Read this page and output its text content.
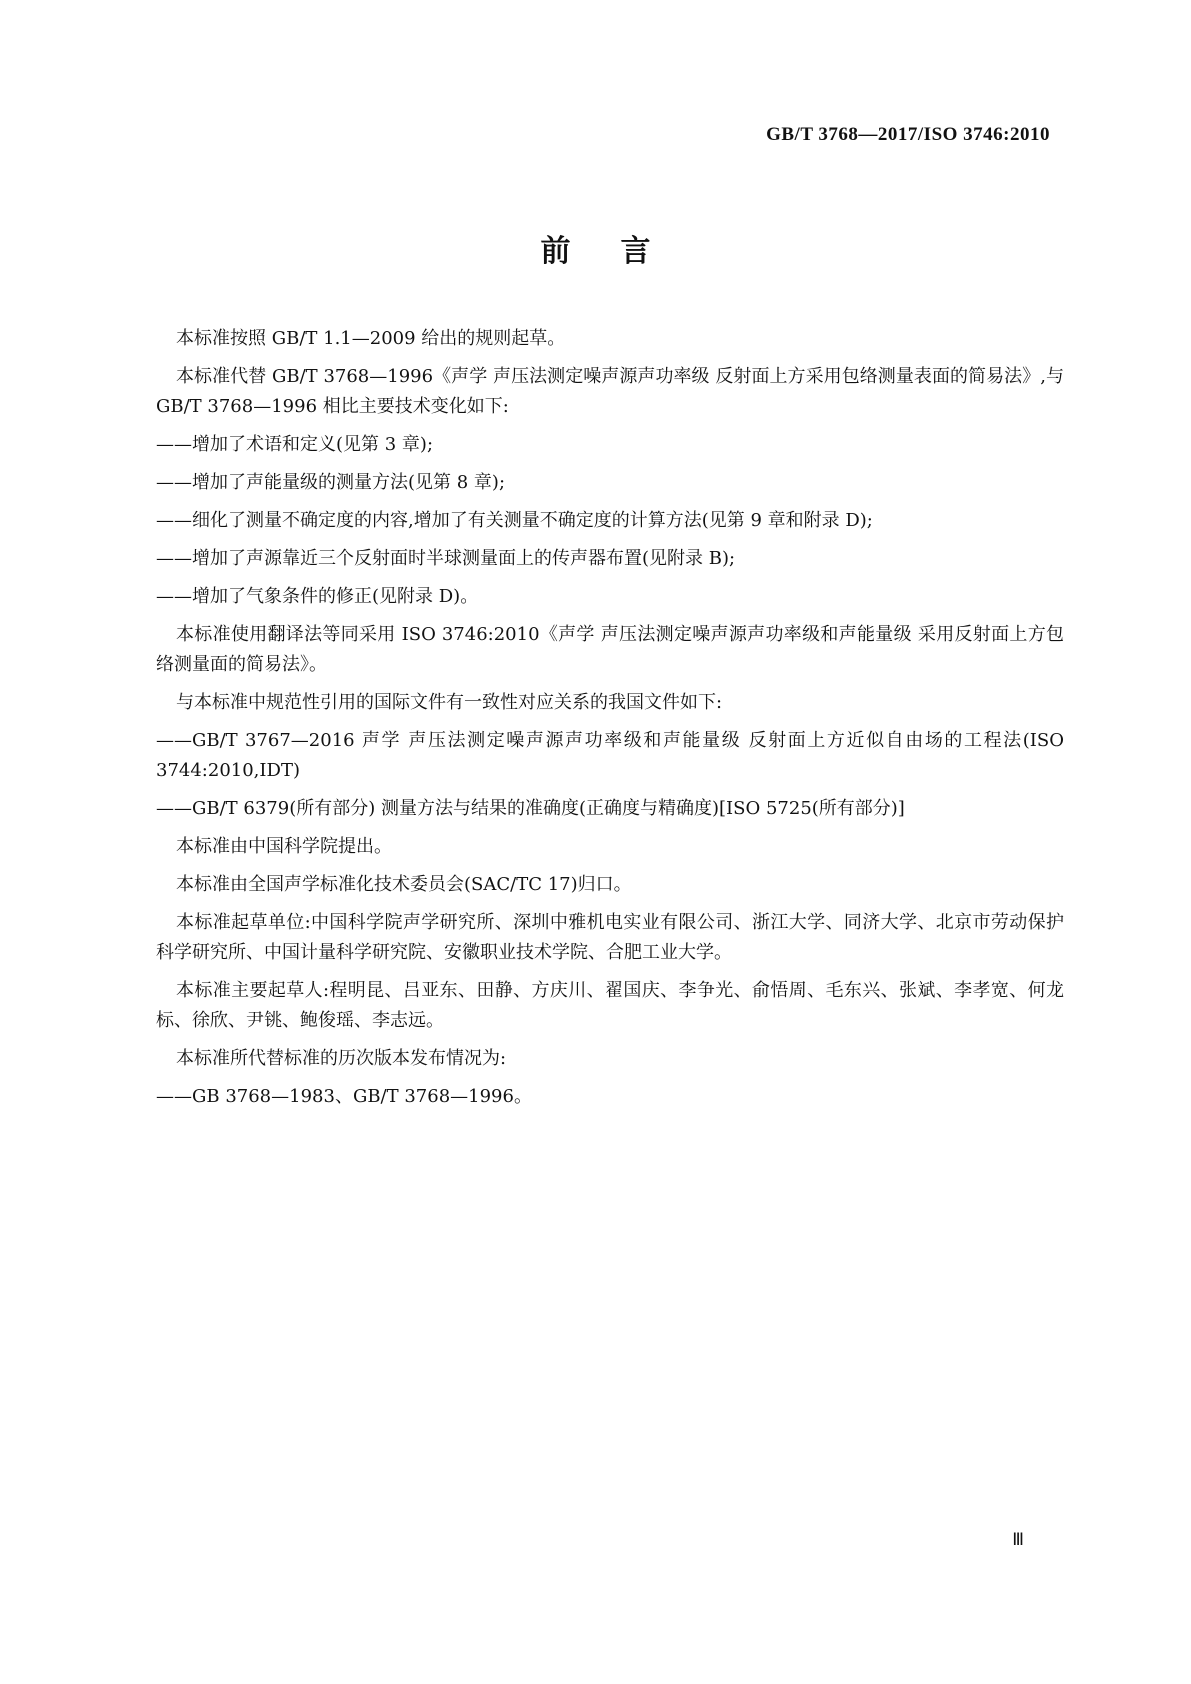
GB/T 3768—2017/ISO 3746:2010
前言

本标准按照 GB/T 1.1—2009 给出的规则起草。

本标准代替 GB/T 3768—1996《声学 声压法测定噪声源声功率级 反射面上方采用包络测量表面的简易法》,与 GB/T 3768—1996 相比主要技术变化如下:

——增加了术语和定义(见第 3 章);

——增加了声能量级的测量方法(见第 8 章);

——细化了测量不确定度的内容,增加了有关测量不确定度的计算方法(见第 9 章和附录 D);

——增加了声源靠近三个反射面时半球测量面上的传声器布置(见附录 B);

——增加了气象条件的修正(见附录 D)。

本标准使用翻译法等同采用 ISO 3746:2010《声学 声压法测定噪声源声功率级和声能量级 采用反射面上方包络测量面的简易法》。

与本标准中规范性引用的国际文件有一致性对应关系的我国文件如下:

——GB/T 3767—2016 声学 声压法测定噪声源声功率级和声能量级 反射面上方近似自由场的工程法(ISO 3744:2010,IDT)

——GB/T 6379(所有部分) 测量方法与结果的准确度(正确度与精确度)[ISO 5725(所有部分)]

本标准由中国科学院提出。

本标准由全国声学标准化技术委员会(SAC/TC 17)归口。

本标准起草单位:中国科学院声学研究所、深圳中雅机电实业有限公司、浙江大学、同济大学、北京市劳动保护科学研究所、中国计量科学研究院、安徽职业技术学院、合肥工业大学。

本标准主要起草人:程明昆、吕亚东、田静、方庆川、翟国庆、李争光、俞悟周、毛东兴、张斌、李孝宽、何龙标、徐欣、尹铫、鲍俊瑶、李志远。

本标准所代替标准的历次版本发布情况为:

——GB 3768—1983、GB/T 3768—1996。

Ⅲ
